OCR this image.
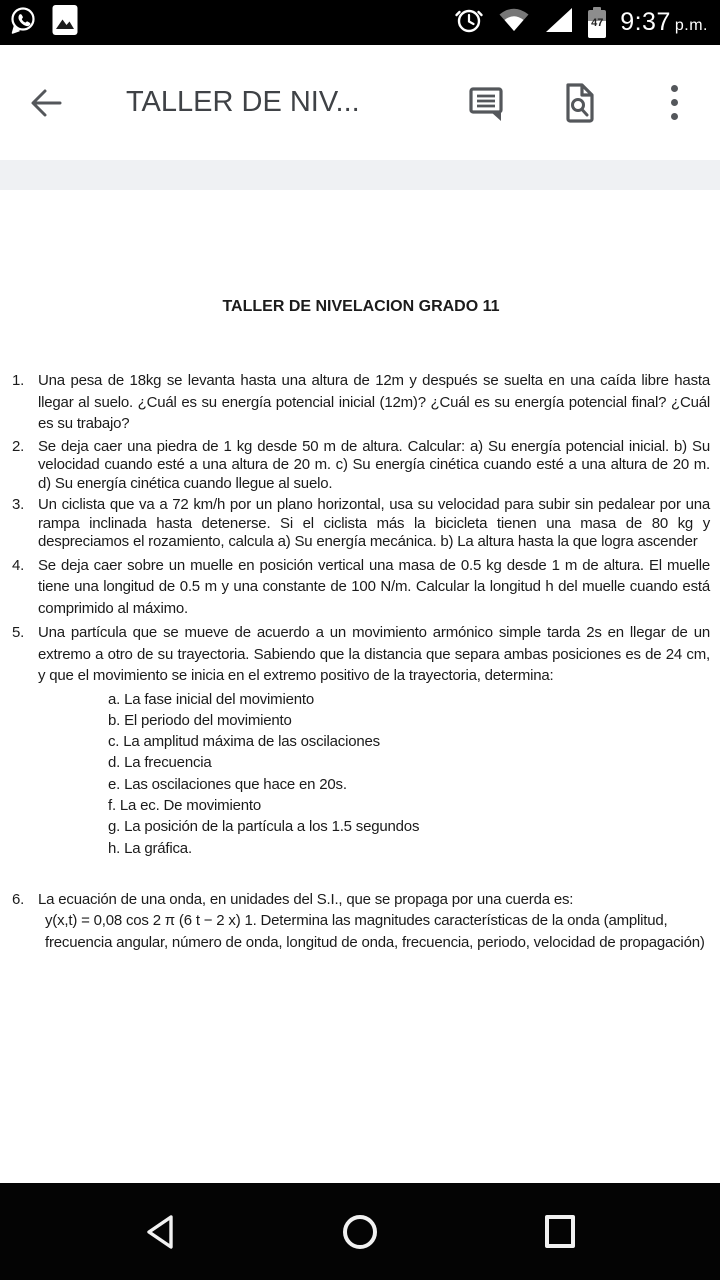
47 9:37 p.m.
TALLER DE NIV...
TALLER DE NIVELACION GRADO 11
1. Una pesa de 18kg se levanta hasta una altura de 12m y después se suelta en una caída libre hasta llegar al suelo. ¿Cuál es su energía potencial inicial (12m)? ¿Cuál es su energía potencial final? ¿Cuál es su trabajo?
2. Se deja caer una piedra de 1 kg desde 50 m de altura. Calcular: a) Su energía potencial inicial. b) Su velocidad cuando esté a una altura de 20 m. c) Su energía cinética cuando esté a una altura de 20 m. d) Su energía cinética cuando llegue al suelo.
3. Un ciclista que va a 72 km/h por un plano horizontal, usa su velocidad para subir sin pedalear por una rampa inclinada hasta detenerse. Si el ciclista más la bicicleta tienen una masa de 80 kg y despreciamos el rozamiento, calcula a) Su energía mecánica. b) La altura hasta la que logra ascender
4. Se deja caer sobre un muelle en posición vertical una masa de 0.5 kg desde 1 m de altura. El muelle tiene una longitud de 0.5 m y una constante de 100 N/m. Calcular la longitud h del muelle cuando está comprimido al máximo.
5. Una partícula que se mueve de acuerdo a un movimiento armónico simple tarda 2s en llegar de un extremo a otro de su trayectoria. Sabiendo que la distancia que separa ambas posiciones es de 24 cm, y que el movimiento se inicia en el extremo positivo de la trayectoria, determina:
a. La fase inicial del movimiento
b. El periodo del movimiento
c. La amplitud máxima de las oscilaciones
d. La frecuencia
e. Las oscilaciones que hace en 20s.
f. La ec. De movimiento
g. La posición de la partícula a los 1.5 segundos
h. La gráfica.
6. La ecuación de una onda, en unidades del S.I., que se propaga por una cuerda es:
y(x,t) = 0,08 cos 2 π (6 t − 2 x) 1. Determina las magnitudes características de la onda (amplitud, frecuencia angular, número de onda, longitud de onda, frecuencia, periodo, velocidad de propagación)
